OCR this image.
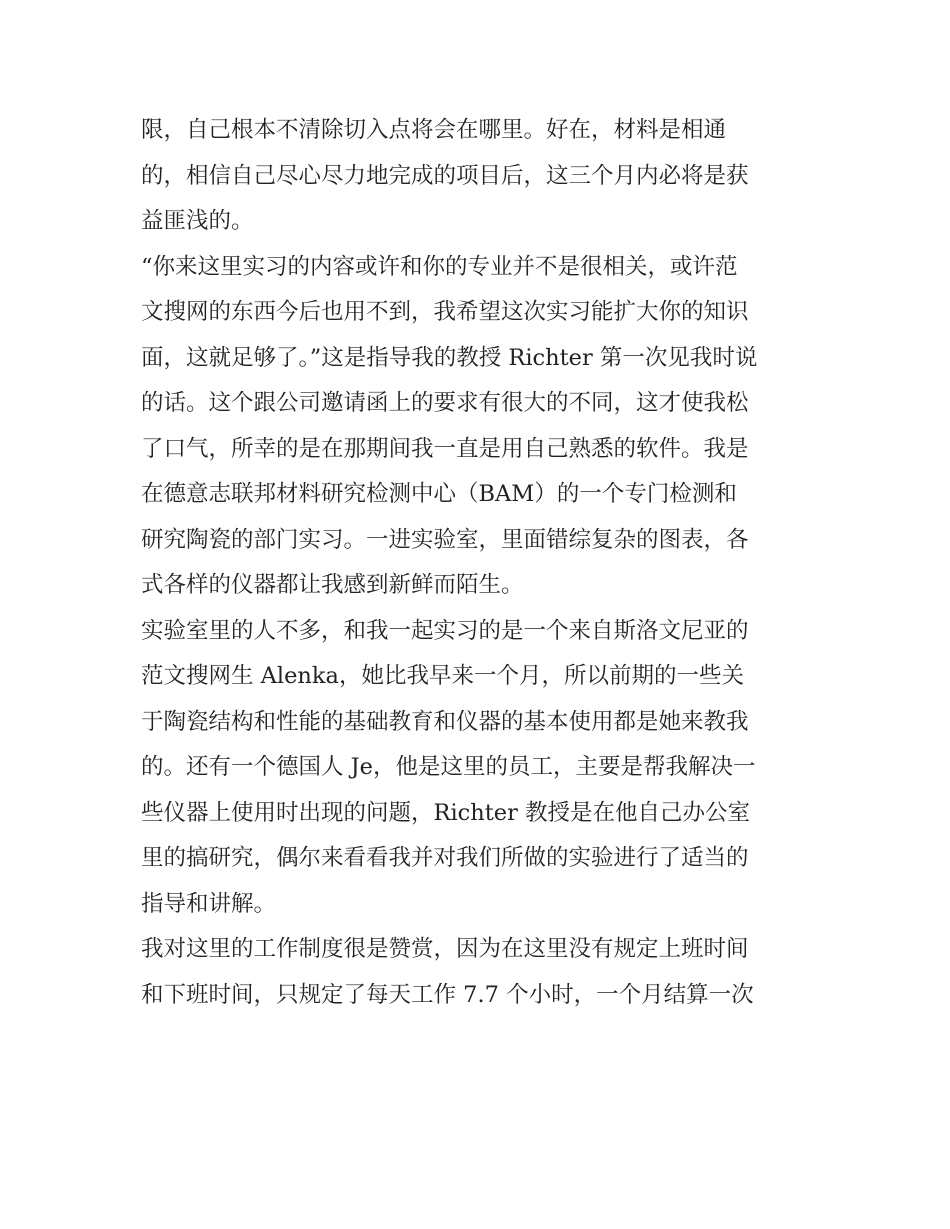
限，自己根本不清除切入点将会在哪里。好在，材料是相通
的，相信自己尽心尽力地完成的项目后，这三个月内必将是获
益匪浅的。

“你来这里实习的内容或许和你的专业并不是很相关，或许范
文搜网的东西今后也用不到，我希望这次实习能扩大你的知识
面，这就足够了。”这是指导我的教授 Richter 第一次见我时说
的话。这个跟公司邀请函上的要求有很大的不同，这才使我松
了口气，所幸的是在那期间我一直是用自己熟悉的软件。我是
在德意志联邦材料研究检测中心（BAM）的一个专门检测和
研究陶瓷的部门实习。一进实验室，里面错综复杂的图表，各
式各样的仪器都让我感到新鲜而陌生。

实验室里的人不多，和我一起实习的是一个来自斯洛文尼亚的
范文搜网生 Alenka，她比我早来一个月，所以前期的一些关
于陶瓷结构和性能的基础教育和仪器的基本使用都是她来教我
的。还有一个德国人 Je，他是这里的员工，主要是帮我解决一
些仪器上使用时出现的问题，Richter 教授是在他自己办公室
里的搞研究，偶尔来看看我并对我们所做的实验进行了适当的
指导和讲解。

我对这里的工作制度很是赞赏，因为在这里没有规定上班时间
和下班时间，只规定了每天工作 7.7 个小时，一个月结算一次
